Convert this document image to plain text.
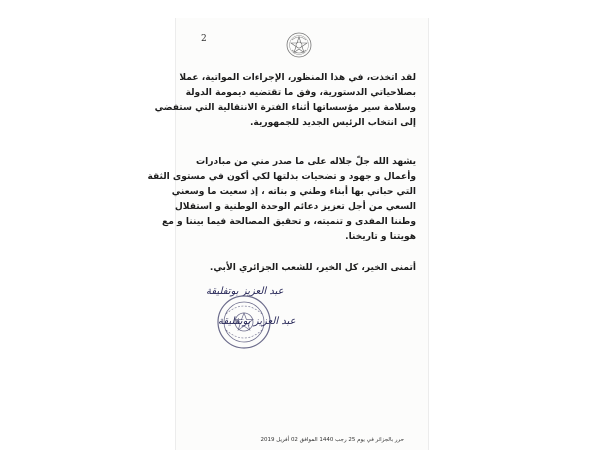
2

لقد اتخذت، في هذا المنظور، الإجراءات المواتية، عملا
بصلاحياتي الدستورية، وفق ما تقتضيه ديمومة الدولة
وسلامة سير مؤسساتها أثناء الفترة الانتقالية التي ستفضي
إلى انتخاب الرئيس الجديد للجمهورية.

يشهد الله جلّ جلاله على ما صدر مني من مبادرات
وأعمال و جهود و تضحيات بذلتها لكي أكون في مستوى الثقة
التي حباني بها أبناء وطني و بناته ، إذ سعيت ما وسعني
السعي من أجل تعزيز دعائم الوحدة الوطنية و استقلال
وطننا المفدى و تنميته، و تحقيق المصالحة فيما بيننا و مع
هويتنا و تاريخنا.

أتمنى الخير، كل الخير، للشعب الجزائري الأبي.

عبد العزيز بوتفليقة
عبد العزيز بوتفليقة
حرر بالجزائر في يوم 25 رجب 1440 الموافق 02 أفريل 2019
